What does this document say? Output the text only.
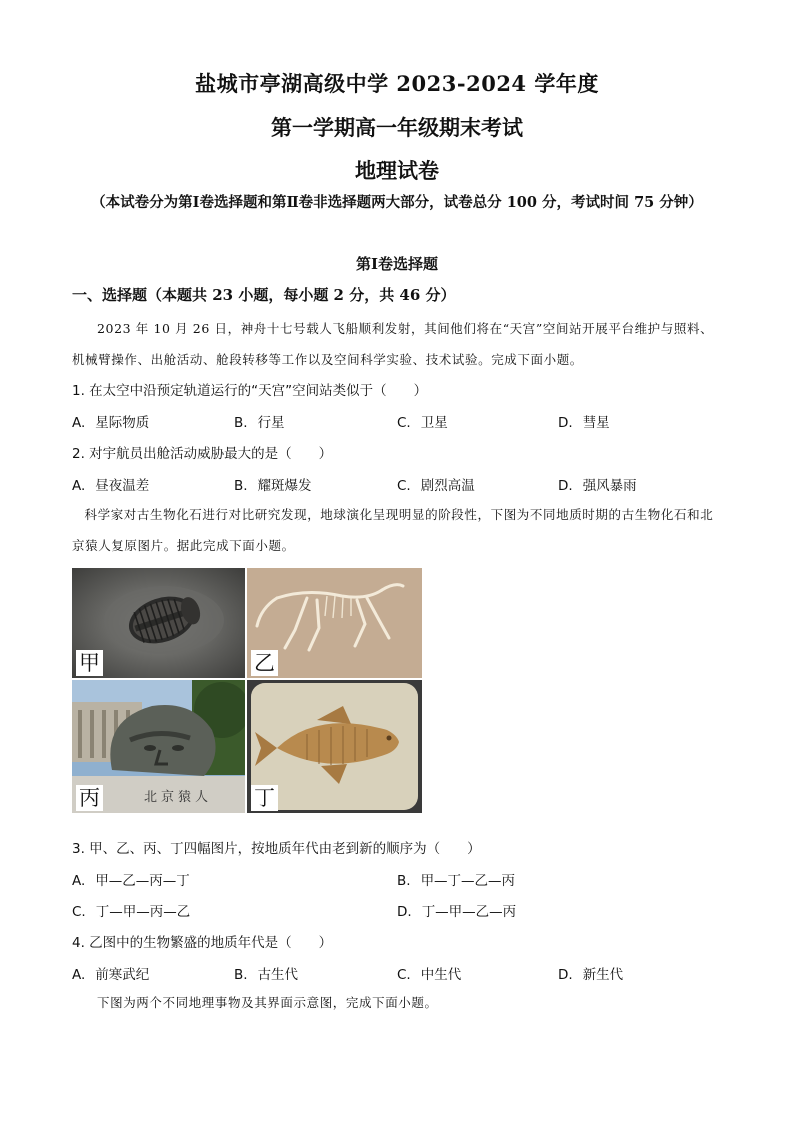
盐城市亭湖高级中学 2023-2024 学年度
第一学期高一年级期末考试
地理试卷
（本试卷分为第Ⅰ卷选择题和第Ⅱ卷非选择题两大部分，试卷总分 100 分，考试时间 75 分钟）
第Ⅰ卷选择题
一、选择题（本题共 23 小题，每小题 2 分，共 46 分）
2023 年 10 月 26 日，神舟十七号载人飞船顺利发射，其间他们将在“天宫”空间站开展平台维护与照料、机械臂操作、出舱活动、舱段转移等工作以及空间科学实验、技术试验。完成下面小题。
1. 在太空中沿预定轨道运行的“天宫”空间站类似于（　　）
A. 星际物质	B. 行星	C. 卫星	D. 彗星
2. 对宇航员出舱活动威胁最大的是（　　）
A. 昼夜温差	B. 耀斑爆发	C. 剧烈高温	D. 强风暴雨
科学家对古生物化石进行对比研究发现，地球演化呈现明显的阶段性，下图为不同地质时期的古生物化石和北京猿人复原图片。据此完成下面小题。
甲	乙
北京猿人
丙	丁
3. 甲、乙、丙、丁四幅图片，按地质年代由老到新的顺序为（　　）
A. 甲—乙—丙—丁	B. 甲—丁—乙—丙
C. 丁—甲—丙—乙	D. 丁—甲—乙—丙
4. 乙图中的生物繁盛的地质年代是（　　）
A. 前寒武纪	B. 古生代	C. 中生代	D. 新生代
下图为两个不同地理事物及其界面示意图，完成下面小题。
